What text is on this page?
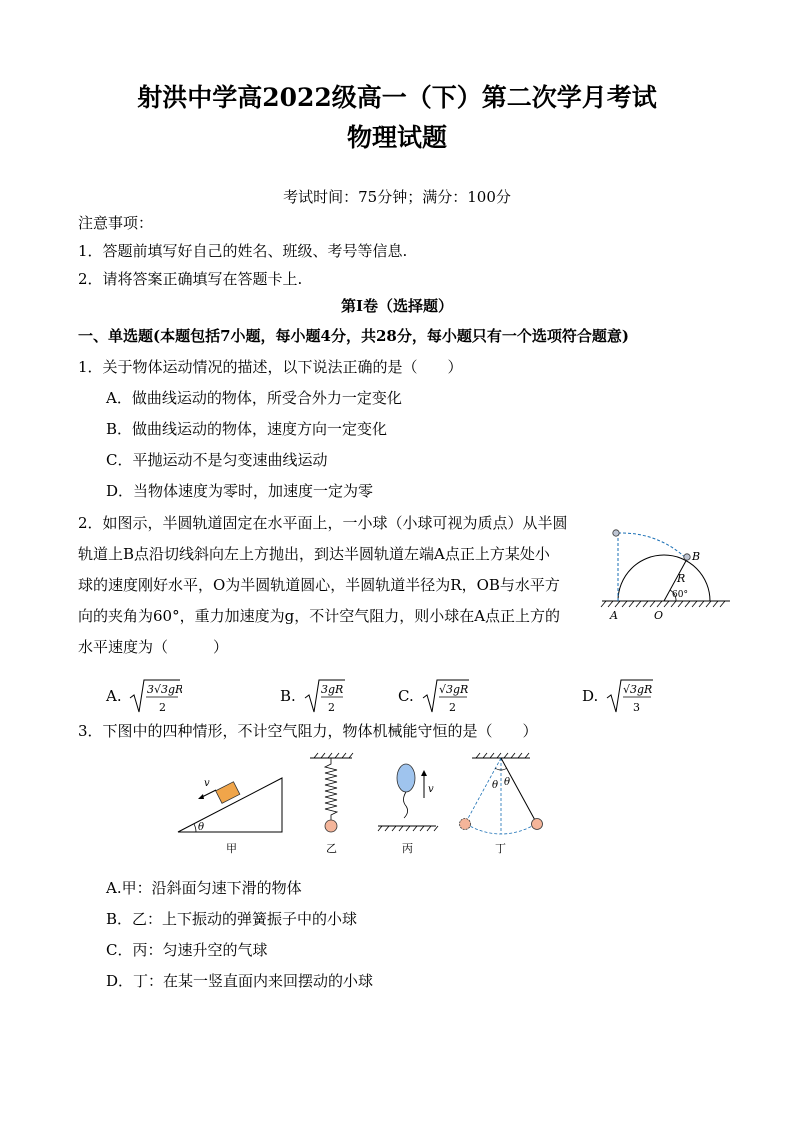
射洪中学高2022级高一（下）第二次学月考试
物理试题
考试时间：75分钟；满分：100分
注意事项：
1．答题前填写好自己的姓名、班级、考号等信息.
2．请将答案正确填写在答题卡上.
第Ⅰ卷（选择题）
一、单选题(本题包括7小题，每小题4分，共28分，每小题只有一个选项符合题意)
1．关于物体运动情况的描述，以下说法正确的是（　　）
A．做曲线运动的物体，所受合外力一定变化
B．做曲线运动的物体，速度方向一定变化
C．平抛运动不是匀变速曲线运动
D．当物体速度为零时，加速度一定为零
2．如图示，半圆轨道固定在水平面上，一小球（小球可视为质点）从半圆
轨道上B点沿切线斜向左上方抛出，到达半圆轨道左端A点正上方某处小
球的速度刚好水平，O为半圆轨道圆心，半圆轨道半径为R，OB与水平方
向的夹角为60°，重力加速度为g，不计空气阻力，则小球在A点正上方的
水平速度为（　　　）
B
R
60°
A	O
A. 3√3gR
2
B. 3gR
2
C. √3gR
2
D. √3gR
3
3．下图中的四种情形，不计空气阻力，物体机械能守恒的是（　　）
v
θ
甲	乙
v
丙
θ θ
丁
A.甲：沿斜面匀速下滑的物体
B．乙：上下振动的弹簧振子中的小球
C．丙：匀速升空的气球
D．丁：在某一竖直面内来回摆动的小球
